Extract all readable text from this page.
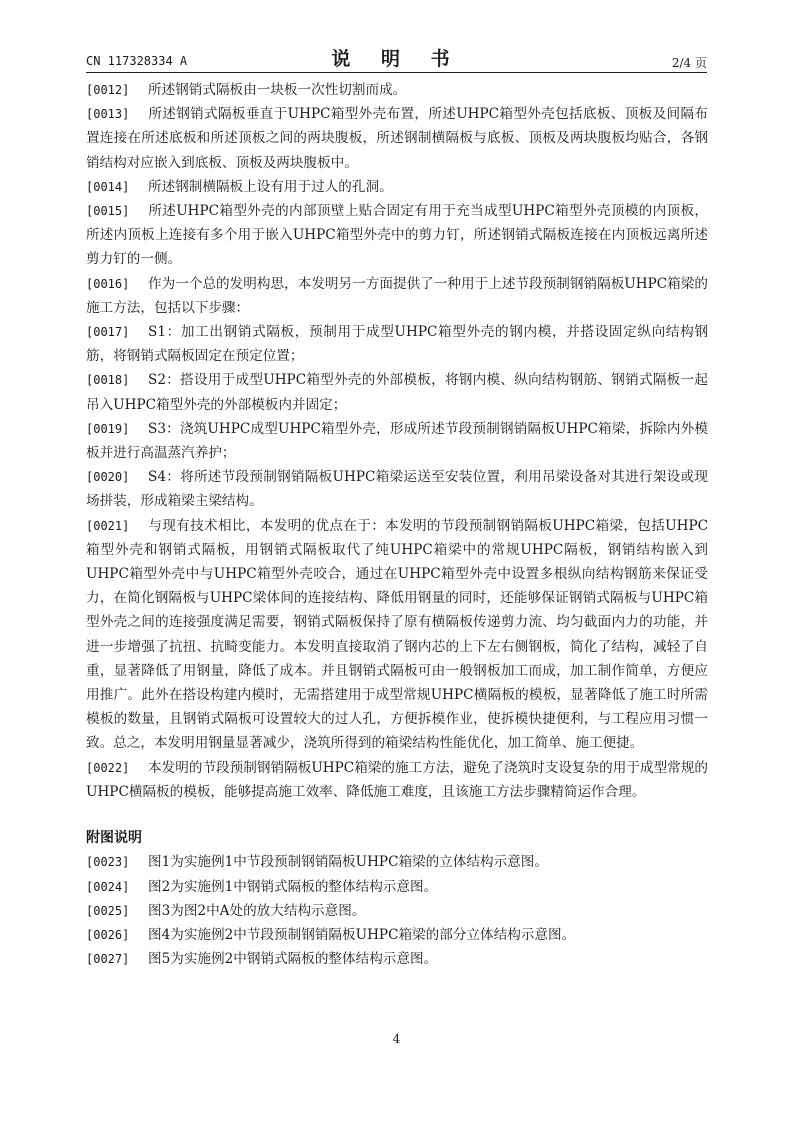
CN 117328334 A	说 明 书	2/4 页

[0012] 所述钢销式隔板由一块板一次性切割而成。

[0013] 所述钢销式隔板垂直于UHPC箱型外壳布置，所述UHPC箱型外壳包括底板、顶板及间隔布置连接在所述底板和所述顶板之间的两块腹板，所述钢制横隔板与底板、顶板及两块腹板均贴合，各钢销结构对应嵌入到底板、顶板及两块腹板中。

[0014] 所述钢制横隔板上设有用于过人的孔洞。

[0015] 所述UHPC箱型外壳的内部顶壁上贴合固定有用于充当成型UHPC箱型外壳顶模的内顶板，所述内顶板上连接有多个用于嵌入UHPC箱型外壳中的剪力钉，所述钢销式隔板连接在内顶板远离所述剪力钉的一侧。

[0016] 作为一个总的发明构思，本发明另一方面提供了一种用于上述节段预制钢销隔板UHPC箱梁的施工方法，包括以下步骤：

[0017] S1：加工出钢销式隔板，预制用于成型UHPC箱型外壳的钢内模，并搭设固定纵向结构钢筋，将钢销式隔板固定在预定位置；

[0018] S2：搭设用于成型UHPC箱型外壳的外部模板，将钢内模、纵向结构钢筋、钢销式隔板一起吊入UHPC箱型外壳的外部模板内并固定；

[0019] S3：浇筑UHPC成型UHPC箱型外壳，形成所述节段预制钢销隔板UHPC箱梁，拆除内外模板并进行高温蒸汽养护；

[0020] S4：将所述节段预制钢销隔板UHPC箱梁运送至安装位置，利用吊梁设备对其进行架设或现场拼装，形成箱梁主梁结构。

[0021] 与现有技术相比，本发明的优点在于：本发明的节段预制钢销隔板UHPC箱梁，包括UHPC箱型外壳和钢销式隔板，用钢销式隔板取代了纯UHPC箱梁中的常规UHPC隔板，钢销结构嵌入到UHPC箱型外壳中与UHPC箱型外壳咬合，通过在UHPC箱型外壳中设置多根纵向结构钢筋来保证受力，在简化钢隔板与UHPC梁体间的连接结构、降低用钢量的同时，还能够保证钢销式隔板与UHPC箱型外壳之间的连接强度满足需要，钢销式隔板保持了原有横隔板传递剪力流、均匀截面内力的功能，并进一步增强了抗扭、抗畸变能力。本发明直接取消了钢内芯的上下左右侧钢板，简化了结构，减轻了自重，显著降低了用钢量，降低了成本。并且钢销式隔板可由一般钢板加工而成，加工制作简单，方便应用推广。此外在搭设构建内模时，无需搭建用于成型常规UHPC横隔板的模板，显著降低了施工时所需模板的数量，且钢销式隔板可设置较大的过人孔，方便拆模作业，使拆模快捷便利，与工程应用习惯一致。总之，本发明用钢量显著减少，浇筑所得到的箱梁结构性能优化，加工简单、施工便捷。

[0022] 本发明的节段预制钢销隔板UHPC箱梁的施工方法，避免了浇筑时支设复杂的用于成型常规的UHPC横隔板的模板，能够提高施工效率、降低施工难度，且该施工方法步骤精简运作合理。

附图说明

[0023] 图1为实施例1中节段预制钢销隔板UHPC箱梁的立体结构示意图。

[0024] 图2为实施例1中钢销式隔板的整体结构示意图。

[0025] 图3为图2中A处的放大结构示意图。

[0026] 图4为实施例2中节段预制钢销隔板UHPC箱梁的部分立体结构示意图。

[0027] 图5为实施例2中钢销式隔板的整体结构示意图。

4
